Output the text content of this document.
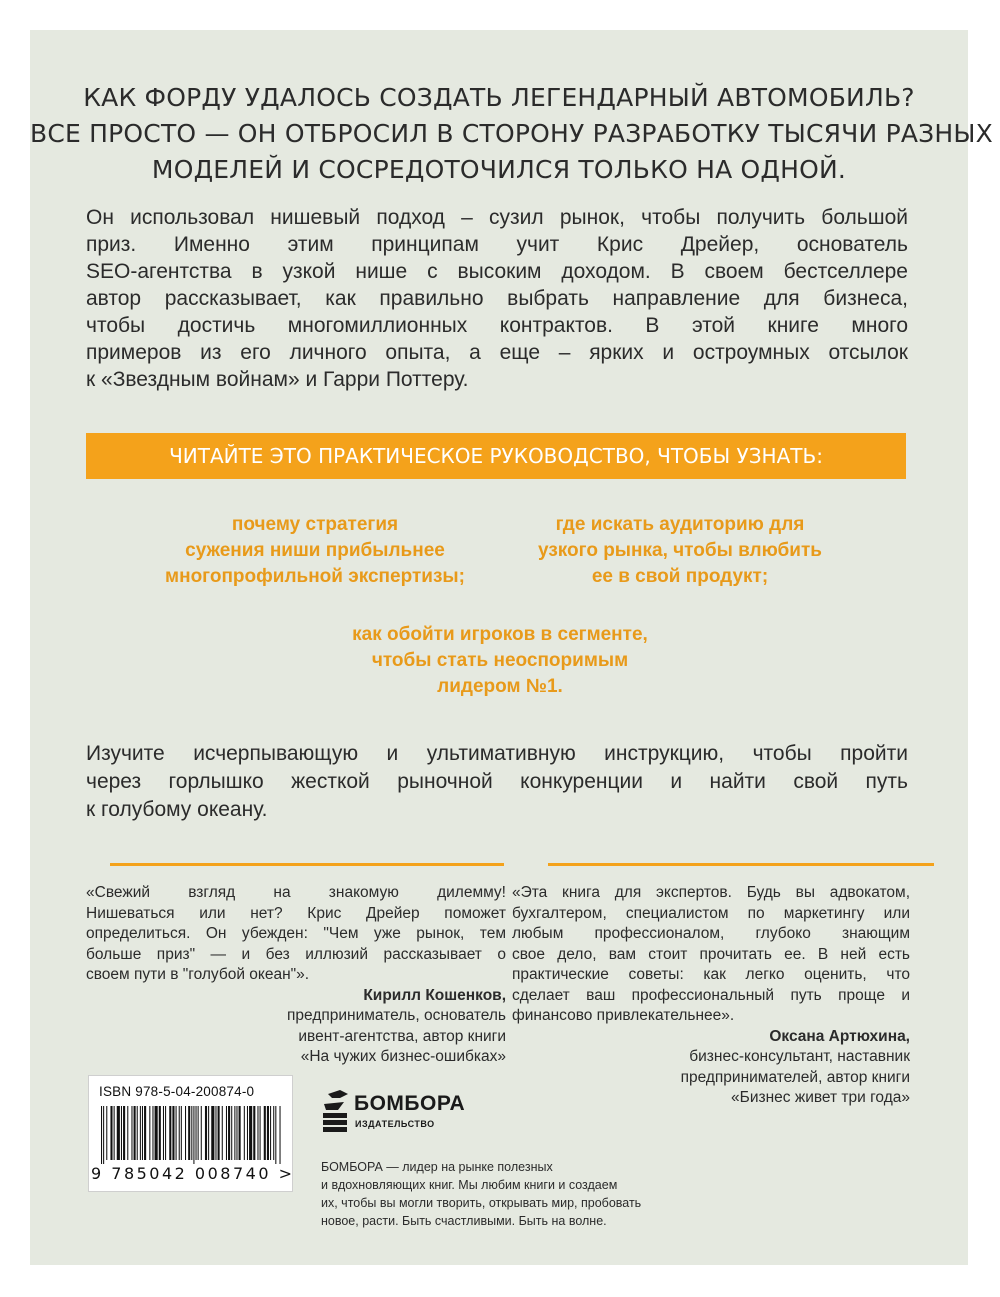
КАК ФОРДУ УДАЛОСЬ СОЗДАТЬ ЛЕГЕНДАРНЫЙ АВТОМОБИЛЬ?
ВСЕ ПРОСТО — ОН ОТБРОСИЛ В СТОРОНУ РАЗРАБОТКУ ТЫСЯЧИ РАЗНЫХ
МОДЕЛЕЙ И СОСРЕДОТОЧИЛСЯ ТОЛЬКО НА ОДНОЙ.
Он использовал нишевый подход – сузил рынок, чтобы получить большой
приз. Именно этим принципам учит Крис Дрейер, основатель
SEO-агентства в узкой нише с высоким доходом. В своем бестселлере
автор рассказывает, как правильно выбрать направление для бизнеса,
чтобы достичь многомиллионных контрактов. В этой книге много
примеров из его личного опыта, а еще – ярких и остроумных отсылок
к «Звездным войнам» и Гарри Поттеру.
ЧИТАЙТЕ ЭТО ПРАКТИЧЕСКОЕ РУКОВОДСТВО, ЧТОБЫ УЗНАТЬ:
почему стратегия
сужения ниши прибыльнее
многопрофильной экспертизы;
где искать аудиторию для
узкого рынка, чтобы влюбить
ее в свой продукт;
как обойти игроков в сегменте,
чтобы стать неоспоримым
лидером №1.
Изучите исчерпывающую и ультимативную инструкцию, чтобы пройти
через горлышко жесткой рыночной конкуренции и найти свой путь
к голубому океану.
«Свежий взгляд на знакомую дилемму!
Нишеваться или нет? Крис Дрейер поможет
определиться. Он убежден: "Чем уже рынок, тем
больше приз" — и без иллюзий рассказывает о
своем пути в "голубой океан"».
Кирилл Кошенков,
предприниматель, основатель
ивент-агентства, автор книги
«На чужих бизнес-ошибках»
«Эта книга для экспертов. Будь вы адвокатом,
бухгалтером, специалистом по маркетингу или
любым профессионалом, глубоко знающим
свое дело, вам стоит прочитать ее. В ней есть
практические советы: как легко оценить, что
сделает ваш профессиональный путь проще и
финансово привлекательнее».
Оксана Артюхина,
бизнес-консультант, наставник
предпринимателей, автор книги
«Бизнес живет три года»
ISBN 978-5-04-200874-0
9 785042 008740 >
БОМБОРА
ИЗДАТЕЛЬСТВО
БОМБОРА — лидер на рынке полезных
и вдохновляющих книг. Мы любим книги и создаем
их, чтобы вы могли творить, открывать мир, пробовать
новое, расти. Быть счастливыми. Быть на волне.
